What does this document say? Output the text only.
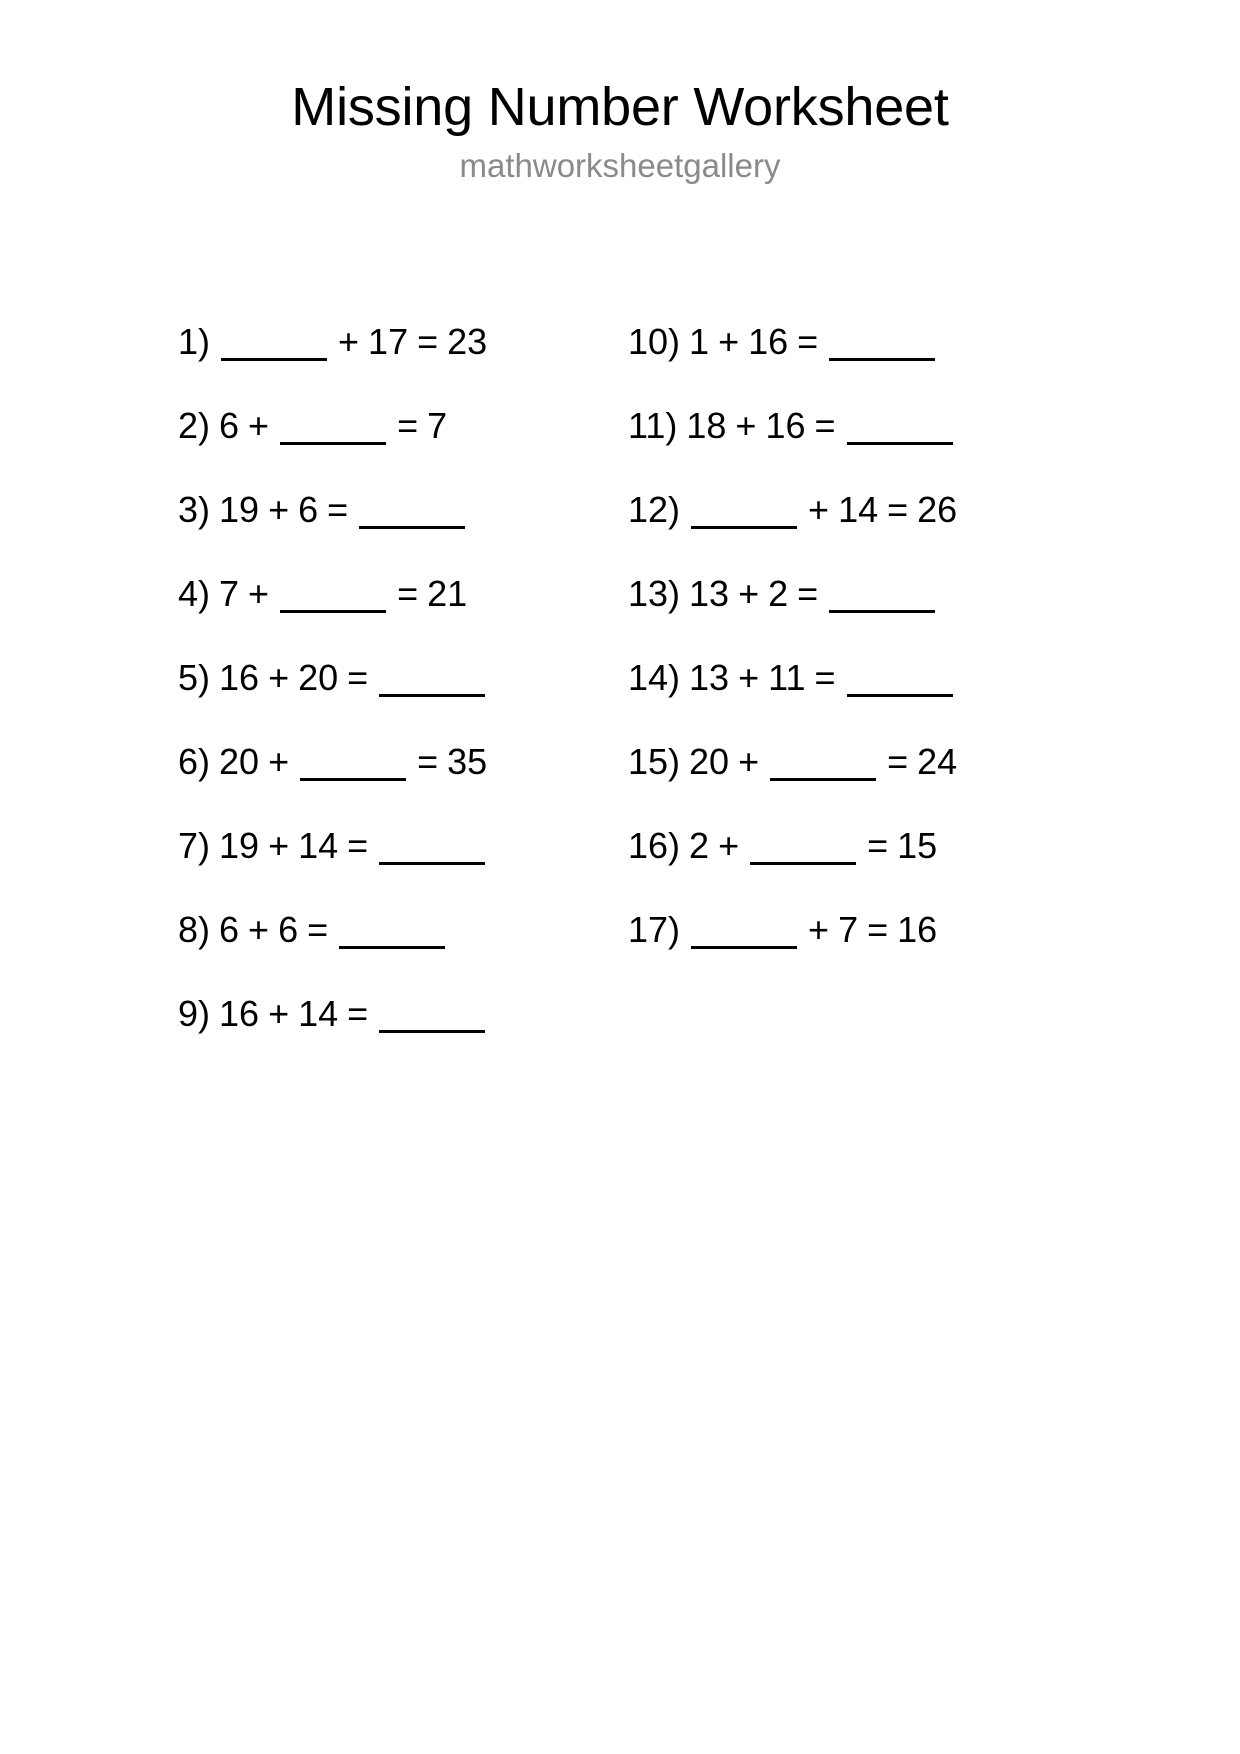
Missing Number Worksheet
mathworksheetgallery
1)	+ 17 = 23
2) 6 +	= 7
3) 19 + 6 =
4) 7 +	= 21
5) 16 + 20 =
6) 20 +	= 35
7) 19 + 14 =
8) 6 + 6 =
9) 16 + 14 =
10) 1 + 16 =
11) 18 + 16 =
12)	+ 14 = 26
13) 13 + 2 =
14) 13 + 11 =
15) 20 +	= 24
16) 2 +	= 15
17)	+ 7 = 16
